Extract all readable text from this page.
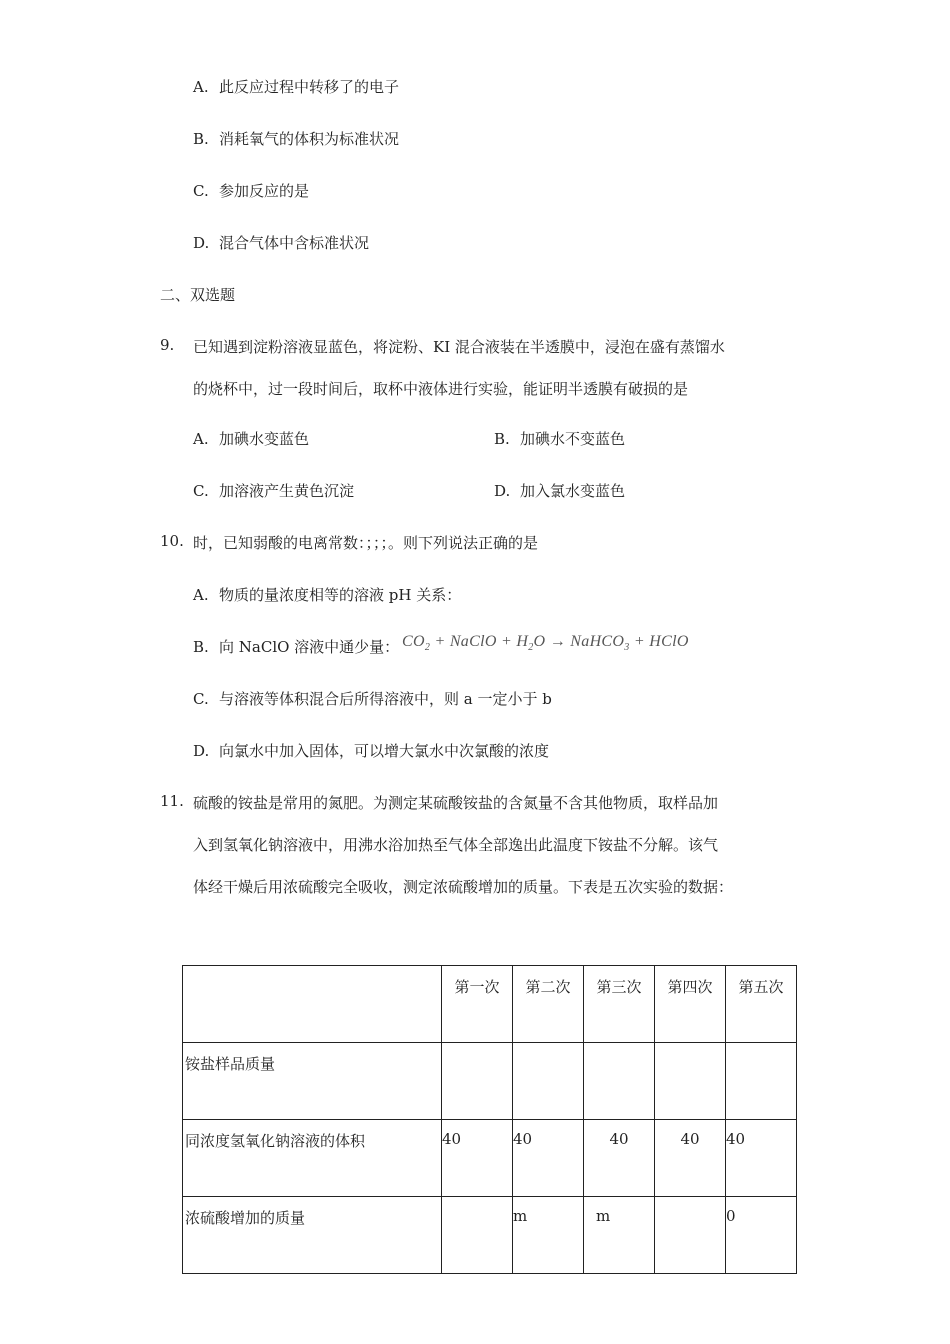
A. 此反应过程中转移了的电子
B. 消耗氧气的体积为标准状况
C. 参加反应的是
D. 混合气体中含标准状况
二、双选题
9. 已知遇到淀粉溶液显蓝色，将淀粉、KI 混合液装在半透膜中，浸泡在盛有蒸馏水
的烧杯中，过一段时间后，取杯中液体进行实验，能证明半透膜有破损的是
A. 加碘水变蓝色	B. 加碘水不变蓝色
C. 加溶液产生黄色沉淀	D. 加入氯水变蓝色
10. 时，已知弱酸的电离常数：；；；。则下列说法正确的是
A. 物质的量浓度相等的溶液 pH 关系：
B. 向 NaClO 溶液中通少量： $CO_2$ + NaClO + $H_2O$ → NaHCO$_3$ + HClO
C. 与溶液等体积混合后所得溶液中，则 a 一定小于 b
D. 向氯水中加入固体，可以增大氯水中次氯酸的浓度
11. 硫酸的铵盐是常用的氮肥。为测定某硫酸铵盐的含氮量不含其他物质，取样品加
入到氢氧化钠溶液中，用沸水浴加热至气体全部逸出此温度下铵盐不分解。该气
体经干燥后用浓硫酸完全吸收，测定浓硫酸增加的质量。下表是五次实验的数据：
	第一次	第二次	第三次	第四次	第五次
铵盐样品质量					
同浓度氢氧化钠溶液的体积	40	40	40	40	40
浓硫酸增加的质量		m	m		0
